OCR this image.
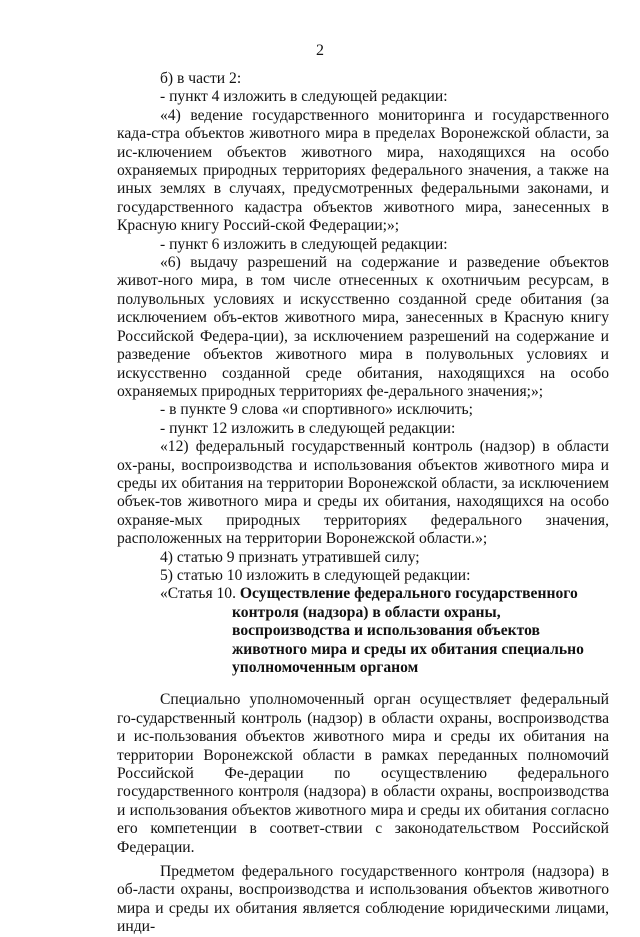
2

б) в части 2:

- пункт 4 изложить в следующей редакции:

«4) ведение государственного мониторинга и государственного када-стра объектов животного мира в пределах Воронежской области, за ис-ключением объектов животного мира, находящихся на особо охраняемых природных территориях федерального значения, а также на иных землях в случаях, предусмотренных федеральными законами, и государственного кадастра объектов животного мира, занесенных в Красную книгу Россий-ской Федерации;»;

- пункт 6 изложить в следующей редакции:

«6) выдачу разрешений на содержание и разведение объектов живот-ного мира, в том числе отнесенных к охотничьим ресурсам, в полувольных условиях и искусственно созданной среде обитания (за исключением объ-ектов животного мира, занесенных в Красную книгу Российской Федера-ции), за исключением разрешений на содержание и разведение объектов животного мира в полувольных условиях и искусственно созданной среде обитания, находящихся на особо охраняемых природных территориях фе-дерального значения;»;

- в пункте 9 слова «и спортивного» исключить;

- пункт 12 изложить в следующей редакции:

«12) федеральный государственный контроль (надзор) в области ох-раны, воспроизводства и использования объектов животного мира и среды их обитания на территории Воронежской области, за исключением объек-тов животного мира и среды их обитания, находящихся на особо охраняе-мых природных территориях федерального значения, расположенных на территории Воронежской области.»;

4) статью 9 признать утратившей силу;

5) статью 10 изложить в следующей редакции:

«Статья 10. Осуществление федерального государственного
контроля (надзора) в области охраны,
воспроизводства и использования объектов
животного мира и среды их обитания специально
уполномоченным органом

Специально уполномоченный орган осуществляет федеральный го-сударственный контроль (надзор) в области охраны, воспроизводства и ис-пользования объектов животного мира и среды их обитания на территории Воронежской области в рамках переданных полномочий Российской Фе-дерации по осуществлению федерального государственного контроля (надзора) в области охраны, воспроизводства и использования объектов животного мира и среды их обитания согласно его компетенции в соответ-ствии с законодательством Российской Федерации.

Предметом федерального государственного контроля (надзора) в об-ласти охраны, воспроизводства и использования объектов животного мира и среды их обитания является соблюдение юридическими лицами, инди-
